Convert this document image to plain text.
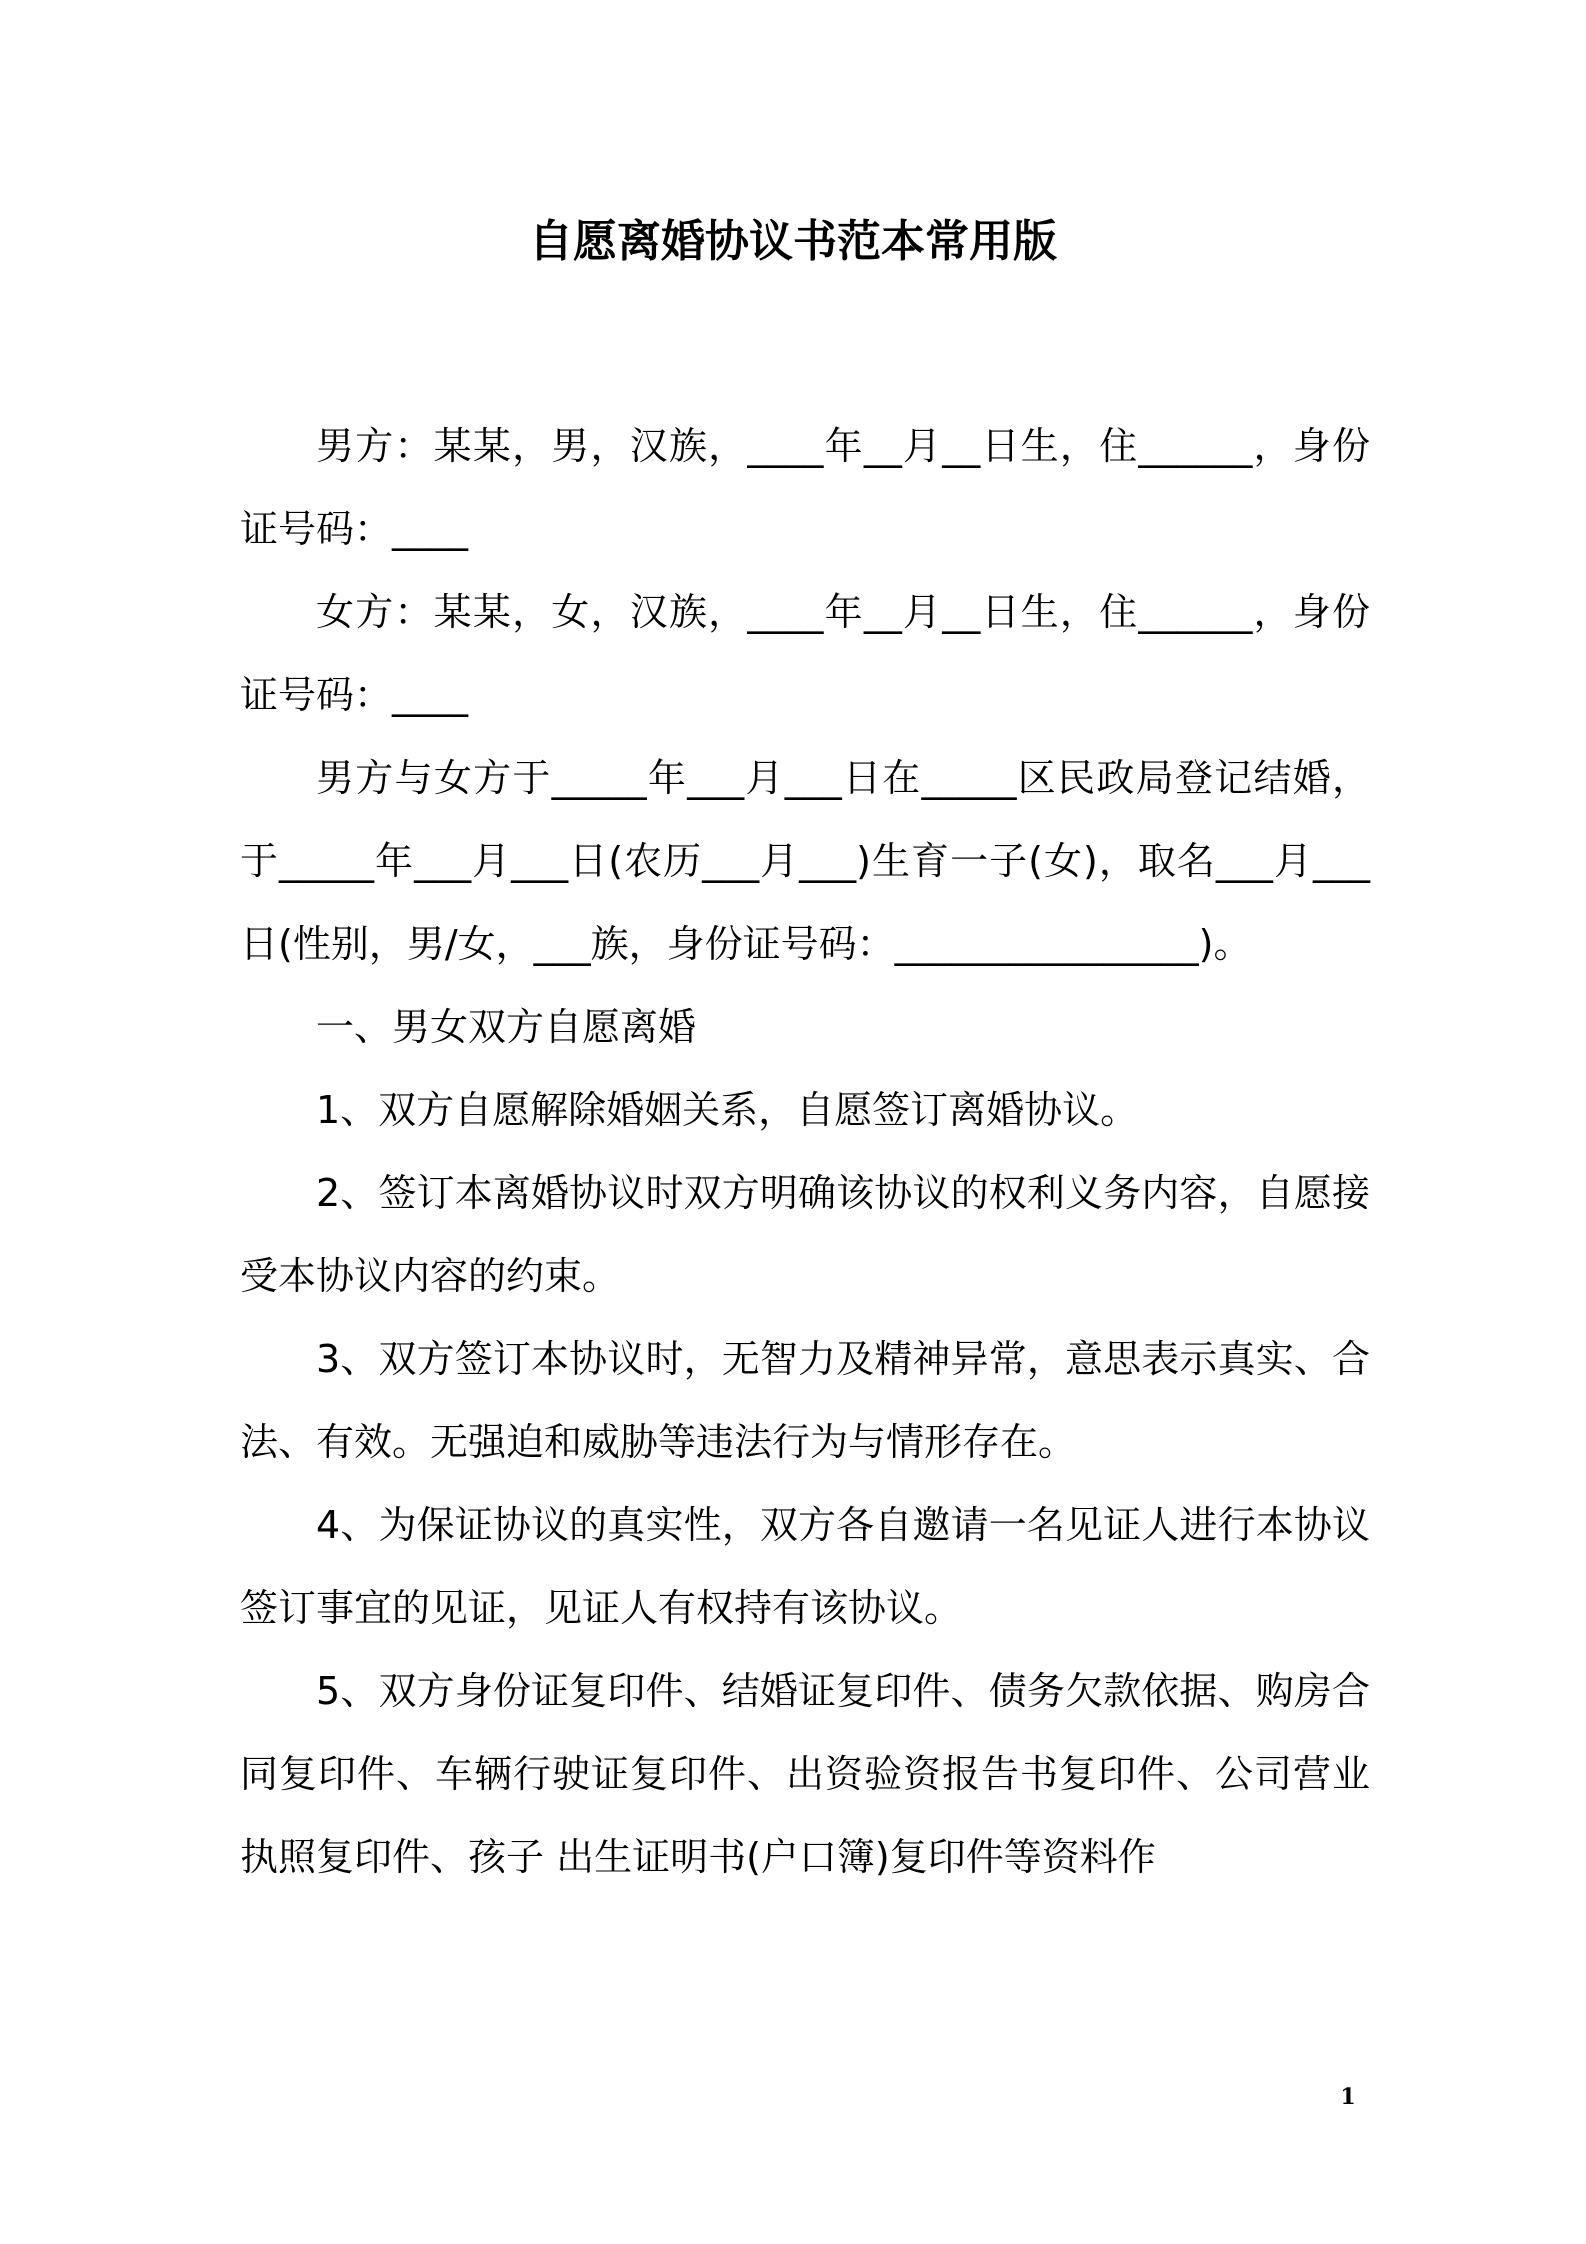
自愿离婚协议书范本常用版

男方：某某，男，汉族，____年__月__日生，住______，身份证号码：____

女方：某某，女，汉族，____年__月__日生，住______，身份证号码：____

男方与女方于_____年___月___日在_____区民政局登记结婚，于_____年___月___日(农历___月___)生育一子(女)，取名___月___日(性别，男/女，___族，身份证号码：________________)。

一、男女双方自愿离婚

1、双方自愿解除婚姻关系，自愿签订离婚协议。

2、签订本离婚协议时双方明确该协议的权利义务内容，自愿接受本协议内容的约束。

3、双方签订本协议时，无智力及精神异常，意思表示真实、合法、有效。无强迫和威胁等违法行为与情形存在。

4、为保证协议的真实性，双方各自邀请一名见证人进行本协议签订事宜的见证，见证人有权持有该协议。

5、双方身份证复印件、结婚证复印件、债务欠款依据、购房合同复印件、车辆行驶证复印件、出资验资报告书复印件、公司营业执照复印件、孩子 出生证明书(户口簿)复印件等资料作

1
